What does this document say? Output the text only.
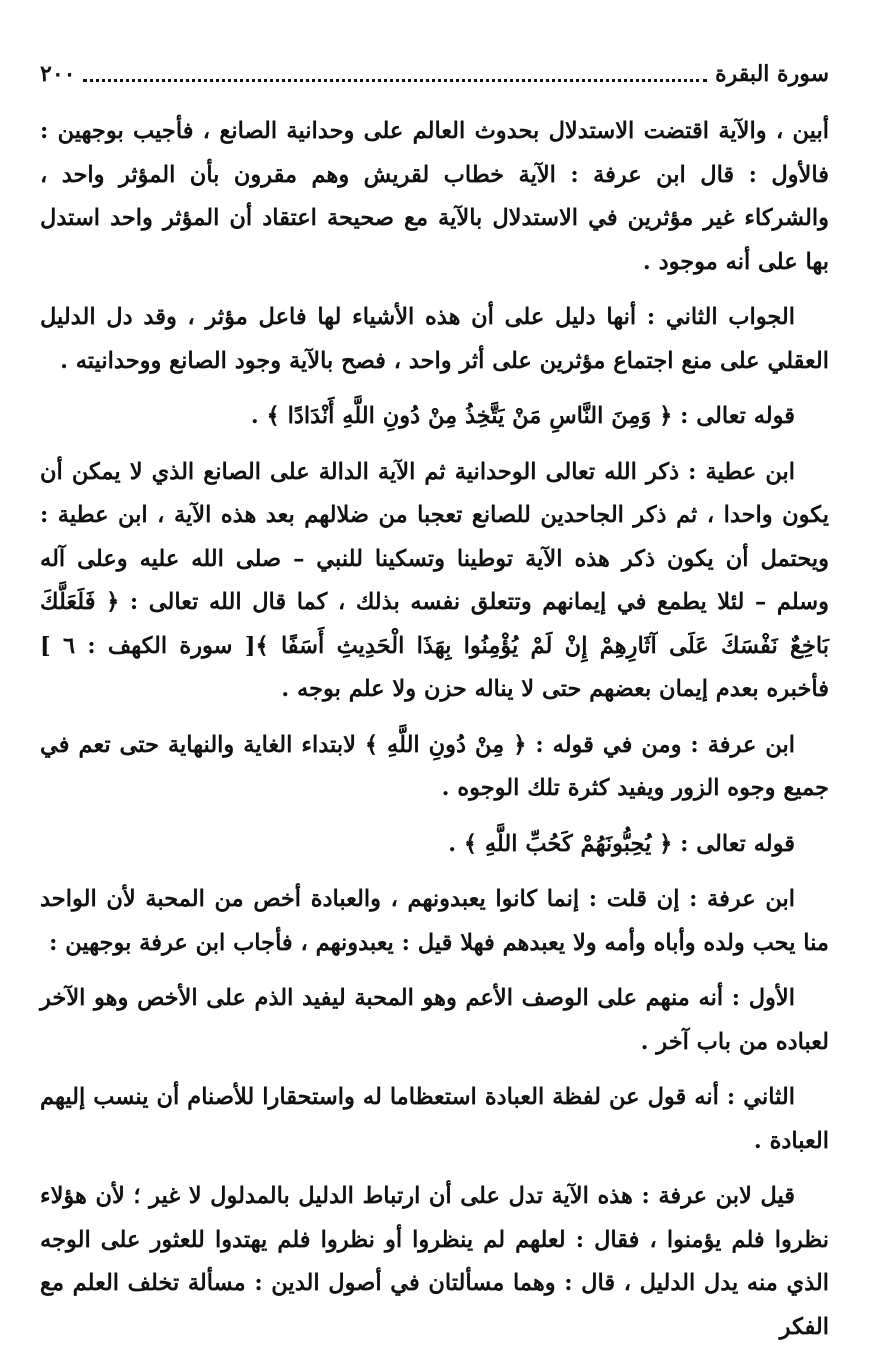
سورة البقرة
٢٠٠

أبين ، والآية اقتضت الاستدلال بحدوث العالم على وحدانية الصانع ، فأجيب بوجهين : فالأول : قال ابن عرفة : الآية خطاب لقريش وهم مقرون بأن المؤثر واحد ، والشركاء غير مؤثرين في الاستدلال بالآية مع صحيحة اعتقاد أن المؤثر واحد استدل بها على أنه موجود .

الجواب الثاني : أنها دليل على أن هذه الأشياء لها فاعل مؤثر ، وقد دل الدليل العقلي على منع اجتماع مؤثرين على أثر واحد ، فصح بالآية وجود الصانع ووحدانيته .

قوله تعالى : ﴿ وَمِنَ النَّاسِ مَنْ يَتَّخِذُ مِنْ دُونِ اللَّهِ أَنْدَادًا ﴾ .

ابن عطية : ذكر الله تعالى الوحدانية ثم الآية الدالة على الصانع الذي لا يمكن أن يكون واحدا ، ثم ذكر الجاحدين للصانع تعجبا من ضلالهم بعد هذه الآية ، ابن عطية : ويحتمل أن يكون ذكر هذه الآية توطينا وتسكينا للنبي – صلى الله عليه وعلى آله وسلم – لئلا يطمع في إيمانهم وتتعلق نفسه بذلك ، كما قال الله تعالى : ﴿ فَلَعَلَّكَ بَاخِعٌ نَفْسَكَ عَلَى آثَارِهِمْ إِنْ لَمْ يُؤْمِنُوا بِهَذَا الْحَدِيثِ أَسَفًا ﴾[ سورة الكهف : ٦ ] فأخبره بعدم إيمان بعضهم حتى لا يناله حزن ولا علم بوجه .

ابن عرفة : ومن في قوله : ﴿ مِنْ دُونِ اللَّهِ ﴾ لابتداء الغاية والنهاية حتى تعم في جميع وجوه الزور ويفيد كثرة تلك الوجوه .

قوله تعالى : ﴿ يُحِبُّونَهُمْ كَحُبِّ اللَّهِ ﴾ .

ابن عرفة : إن قلت : إنما كانوا يعبدونهم ، والعبادة أخص من المحبة لأن الواحد منا يحب ولده وأباه وأمه ولا يعبدهم فهلا قيل : يعبدونهم ، فأجاب ابن عرفة بوجهين :

الأول : أنه منهم على الوصف الأعم وهو المحبة ليفيد الذم على الأخص وهو الآخر لعباده من باب آخر .

الثاني : أنه قول عن لفظة العبادة استعظاما له واستحقارا للأصنام أن ينسب إليهم العبادة .

قيل لابن عرفة : هذه الآية تدل على أن ارتباط الدليل بالمدلول لا غير ؛ لأن هؤلاء نظروا فلم يؤمنوا ، فقال : لعلهم لم ينظروا أو نظروا فلم يهتدوا للعثور على الوجه الذي منه يدل الدليل ، قال : وهما مسألتان في أصول الدين : مسألة تخلف العلم مع الفكر
